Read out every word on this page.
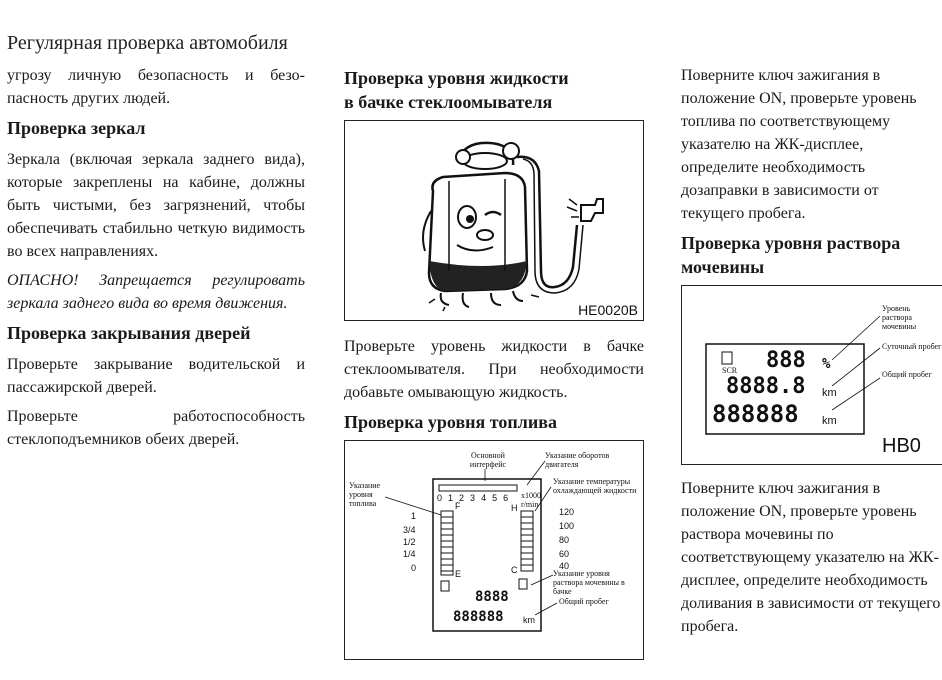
Регулярная проверка автомобиля

угрозу личную безопасность и безопасность других людей.

Проверка зеркал

Зеркала (включая зеркала заднего вида), которые закреплены на кабине, должны быть чистыми, без загрязнений, чтобы обеспечивать стабильно четкую видимость во всех направлениях.

ОПАСНО! Запрещается регулировать зеркала заднего вида во время движения.

Проверка закрывания дверей

Проверьте закрывание водительской и пассажирской дверей.

Проверьте работоспособность стеклоподъемников обеих дверей.

Проверка уровня жидкости
в бачке стеклоомывателя
HE0020B

Проверьте уровень жидкости в бачке стеклоомывателя. При необходимости добавьте омывающую жидкость.

Проверка уровня топлива
Основной интерфейс
Указание оборотов двигателя
Указание уровня топлива
Указание температуры охлаждающей жидкости
Указание уровня раствора мочевины в бачке
Общий пробег
0123456 x1000 r/min
F
E
H
C
1
3/4
1/2
1/4
0
120
100
80
60
40
8888
888888 km

Поверните ключ зажигания в положение ON, проверьте уровень топлива по соответствующему указателю на ЖК-дисплее, определите необходимость дозаправки в зависимости от текущего пробега.

Проверка уровня раствора
мочевины
SCR 888 %
8888.8 km
888888 km
Уровень раствора мочевины
Суточный пробег
Общий пробег
HB0

Поверните ключ зажигания в положение ON, проверьте уровень раствора мочевины по соответствующему указателю на ЖК-дисплее, определите необходимость доливания в зависимости от текущего пробега.
